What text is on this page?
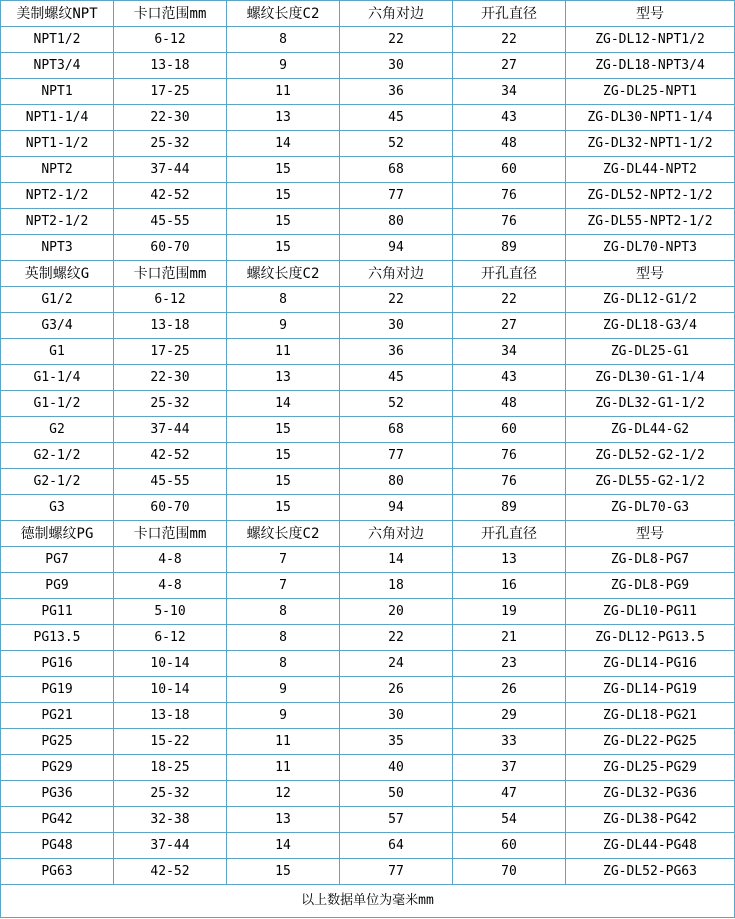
美制螺纹NPT	卡口范围mm	螺纹长度C2	六角对边	开孔直径	型号
NPT1/2	6-12	8	22	22	ZG-DL12-NPT1/2
NPT3/4	13-18	9	30	27	ZG-DL18-NPT3/4
NPT1	17-25	11	36	34	ZG-DL25-NPT1
NPT1-1/4	22-30	13	45	43	ZG-DL30-NPT1-1/4
NPT1-1/2	25-32	14	52	48	ZG-DL32-NPT1-1/2
NPT2	37-44	15	68	60	ZG-DL44-NPT2
NPT2-1/2	42-52	15	77	76	ZG-DL52-NPT2-1/2
NPT2-1/2	45-55	15	80	76	ZG-DL55-NPT2-1/2
NPT3	60-70	15	94	89	ZG-DL70-NPT3
英制螺纹G	卡口范围mm	螺纹长度C2	六角对边	开孔直径	型号
G1/2	6-12	8	22	22	ZG-DL12-G1/2
G3/4	13-18	9	30	27	ZG-DL18-G3/4
G1	17-25	11	36	34	ZG-DL25-G1
G1-1/4	22-30	13	45	43	ZG-DL30-G1-1/4
G1-1/2	25-32	14	52	48	ZG-DL32-G1-1/2
G2	37-44	15	68	60	ZG-DL44-G2
G2-1/2	42-52	15	77	76	ZG-DL52-G2-1/2
G2-1/2	45-55	15	80	76	ZG-DL55-G2-1/2
G3	60-70	15	94	89	ZG-DL70-G3
德制螺纹PG	卡口范围mm	螺纹长度C2	六角对边	开孔直径	型号
PG7	4-8	7	14	13	ZG-DL8-PG7
PG9	4-8	7	18	16	ZG-DL8-PG9
PG11	5-10	8	20	19	ZG-DL10-PG11
PG13.5	6-12	8	22	21	ZG-DL12-PG13.5
PG16	10-14	8	24	23	ZG-DL14-PG16
PG19	10-14	9	26	26	ZG-DL14-PG19
PG21	13-18	9	30	29	ZG-DL18-PG21
PG25	15-22	11	35	33	ZG-DL22-PG25
PG29	18-25	11	40	37	ZG-DL25-PG29
PG36	25-32	12	50	47	ZG-DL32-PG36
PG42	32-38	13	57	54	ZG-DL38-PG42
PG48	37-44	14	64	60	ZG-DL44-PG48
PG63	42-52	15	77	70	ZG-DL52-PG63
以上数据单位为毫米mm					
